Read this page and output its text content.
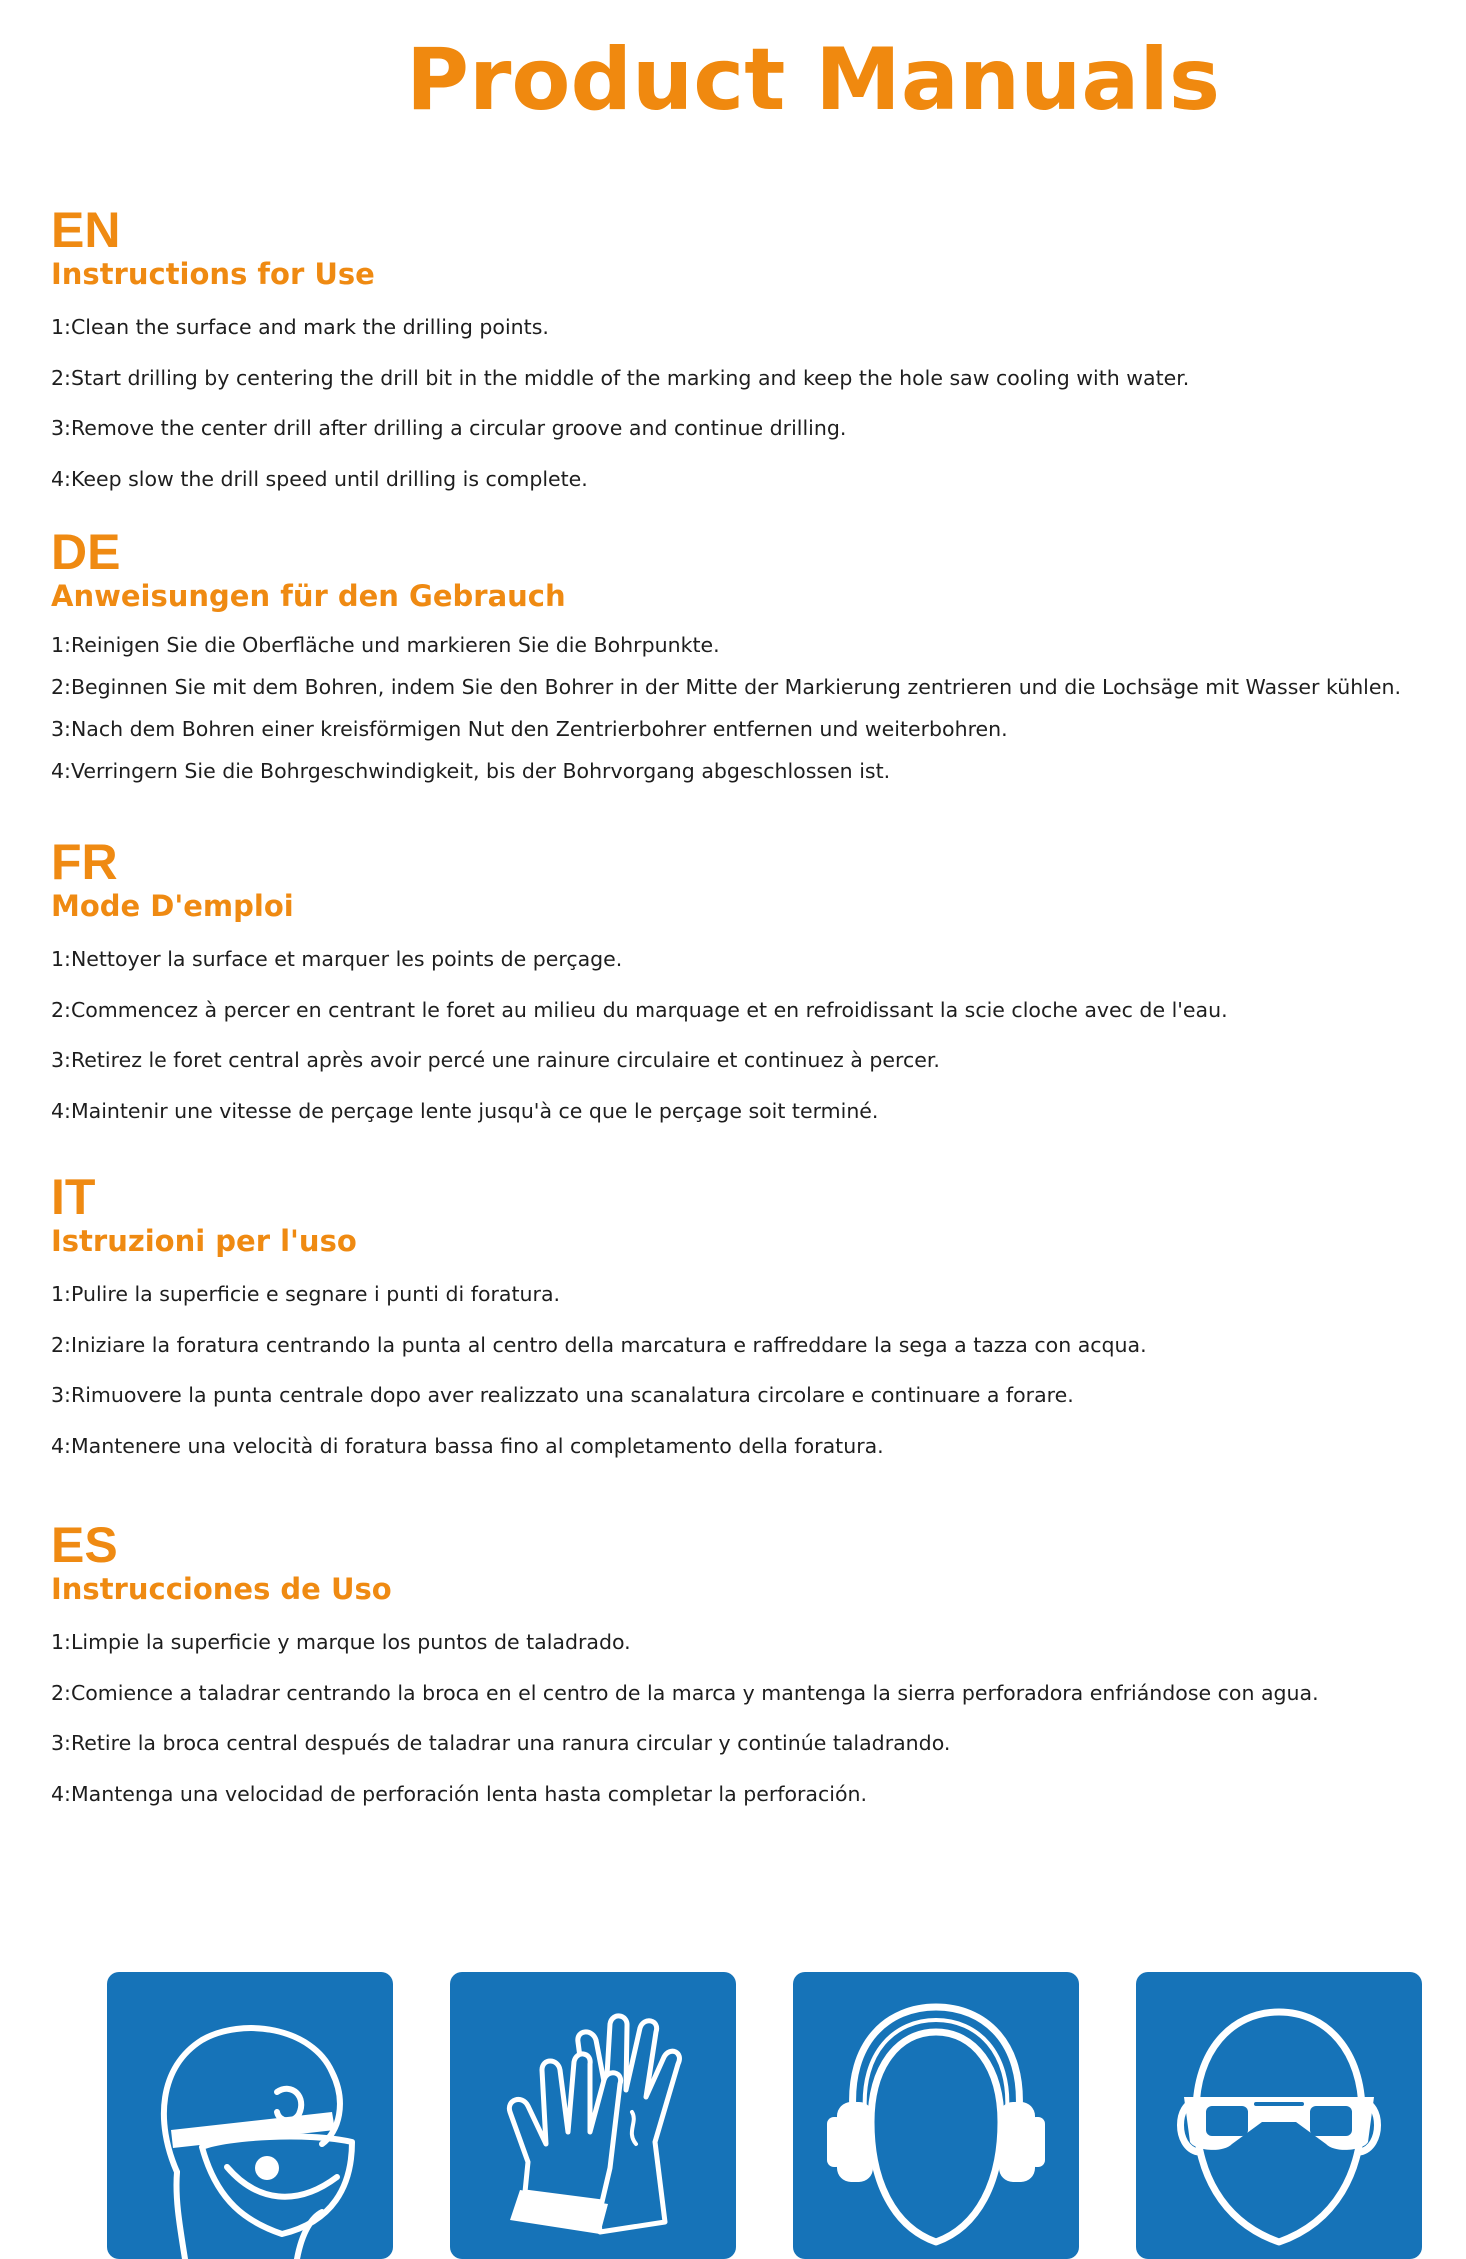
Product Manuals
EN
Instructions for Use
1:Clean the surface and mark the drilling points.
2:Start drilling by centering the drill bit in the middle of the marking and keep the hole saw cooling with water.
3:Remove the center drill after drilling a circular groove and continue drilling.
4:Keep slow the drill speed until drilling is complete.
DE
Anweisungen für den Gebrauch
1:Reinigen Sie die Oberfläche und markieren Sie die Bohrpunkte.
2:Beginnen Sie mit dem Bohren, indem Sie den Bohrer in der Mitte der Markierung zentrieren und die Lochsäge mit Wasser kühlen.
3:Nach dem Bohren einer kreisförmigen Nut den Zentrierbohrer entfernen und weiterbohren.
4:Verringern Sie die Bohrgeschwindigkeit, bis der Bohrvorgang abgeschlossen ist.
FR
Mode D'emploi
1:Nettoyer la surface et marquer les points de perçage.
2:Commencez à percer en centrant le foret au milieu du marquage et en refroidissant la scie cloche avec de l'eau.
3:Retirez le foret central après avoir percé une rainure circulaire et continuez à percer.
4:Maintenir une vitesse de perçage lente jusqu'à ce que le perçage soit terminé.
IT
Istruzioni per l'uso
1:Pulire la superficie e segnare i punti di foratura.
2:Iniziare la foratura centrando la punta al centro della marcatura e raffreddare la sega a tazza con acqua.
3:Rimuovere la punta centrale dopo aver realizzato una scanalatura circolare e continuare a forare.
4:Mantenere una velocità di foratura bassa fino al completamento della foratura.
ES
Instrucciones de Uso
1:Limpie la superficie y marque los puntos de taladrado.
2:Comience a taladrar centrando la broca en el centro de la marca y mantenga la sierra perforadora enfriándose con agua.
3:Retire la broca central después de taladrar una ranura circular y continúe taladrando.
4:Mantenga una velocidad de perforación lenta hasta completar la perforación.
